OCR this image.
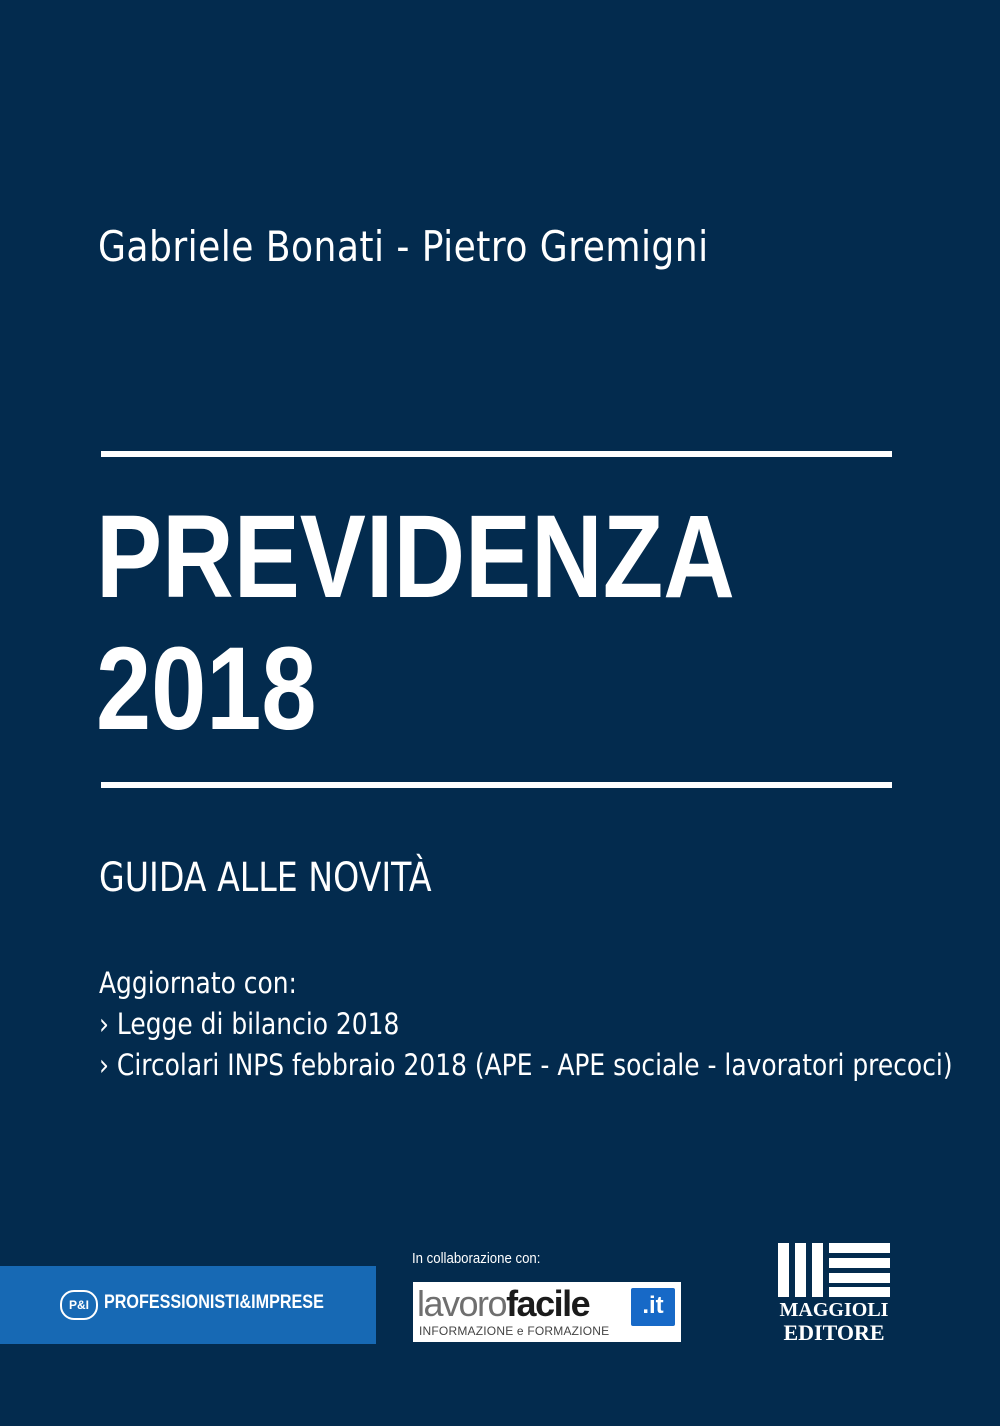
Gabriele Bonati - Pietro Gremigni
PREVIDENZA
2018
GUIDA ALLE NOVITÀ
Aggiornato con:
› Legge di bilancio 2018
› Circolari INPS febbraio 2018 (APE - APE sociale - lavoratori precoci)
P&I PROFESSIONISTI&IMPRESE
In collaborazione con:
lavorofacile	.it
INFORMAZIONE e FORMAZIONE
MAGGIOLI
EDITORE
